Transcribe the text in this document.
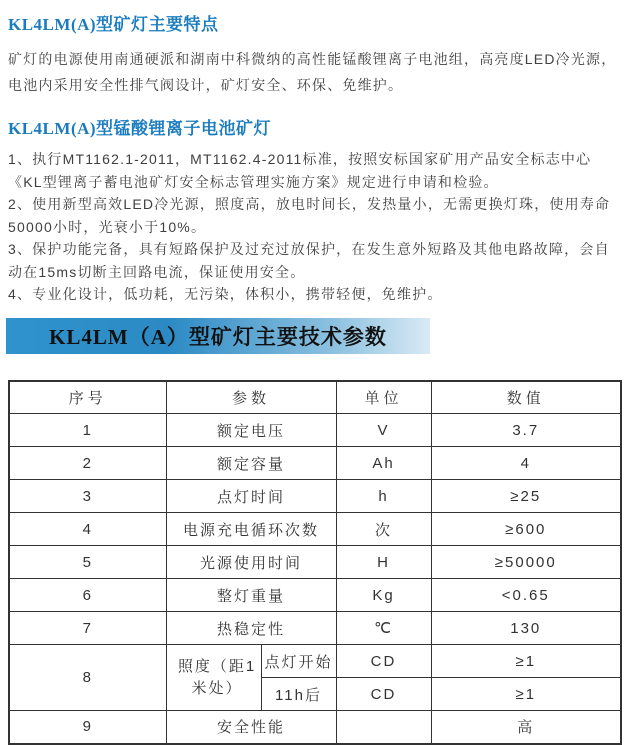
KL4LM(A)型矿灯主要特点

矿灯的电源使用南通硬派和湖南中科微纳的高性能锰酸锂离子电池组，高亮度LED冷光源，电池内采用安全性排气阀设计，矿灯安全、环保、免维护。

KL4LM(A)型锰酸锂离子电池矿灯

1、执行MT1162.1-2011，MT1162.4-2011标准，按照安标国家矿用产品安全标志中心《KL型锂离子蓄电池矿灯安全标志管理实施方案》规定进行申请和检验。

2、使用新型高效LED冷光源，照度高，放电时间长，发热量小，无需更换灯珠，使用寿命50000小时，光衰小于10%。

3、保护功能完备，具有短路保护及过充过放保护，在发生意外短路及其他电路故障，会自动在15ms切断主回路电流，保证使用安全。

4、专业化设计，低功耗，无污染，体积小，携带轻便，免维护。

KL4LM（A）型矿灯主要技术参数
序号	参数		单位	数值
1	额定电压		V	3.7
2	额定容量		Ah	4
3	点灯时间		h	≥25
4	电源充电循环次数		次	≥600
5	光源使用时间		H	≥50000
6	整灯重量		Kg	<0.65
7	热稳定性		℃	130
8	照度（距1米处）	点灯开始	CD	≥1
		11h后	CD	≥1
9	安全性能			高
